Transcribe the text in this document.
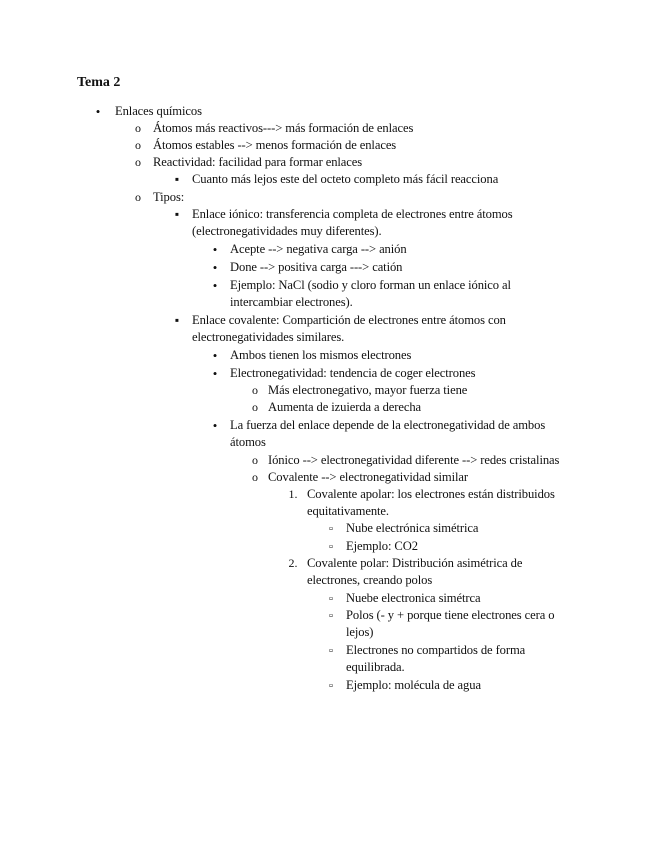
Tema 2
•
Enlaces químicos
o
Átomos más reactivos---> más formación de enlaces
o
Átomos estables --> menos formación de enlaces
o
Reactividad: facilidad para formar enlaces
▪
Cuanto más lejos este del octeto completo más fácil reacciona
o
Tipos:
▪
Enlace iónico: transferencia completa de electrones entre átomos
(electronegatividades muy diferentes).
•
Acepte --> negativa carga --> anión
•
Done --> positiva carga ---> catión
•
Ejemplo: NaCl (sodio y cloro forman un enlace iónico al
intercambiar electrones).
▪
Enlace covalente: Compartición de electrones entre átomos con
electronegatividades similares.
•
Ambos tienen los mismos electrones
•
Electronegatividad: tendencia de coger electrones
o
Más electronegativo, mayor fuerza tiene
o
Aumenta de izuierda a derecha
•
La fuerza del enlace depende de la electronegatividad de ambos
átomos
o
Iónico --> electronegatividad diferente --> redes cristalinas
o
Covalente --> electronegatividad similar
1. Covalente apolar: los electrones están distribuidos
equitativamente.
▫
Nube electrónica simétrica
▫
Ejemplo: CO2
2. Covalente polar: Distribución asimétrica de
electrones, creando polos
▫
Nuebe electronica simétrca
▫
Polos (- y + porque tiene electrones cera o
lejos)
▫
Electrones no compartidos de forma
equilibrada.
▫
Ejemplo: molécula de agua
